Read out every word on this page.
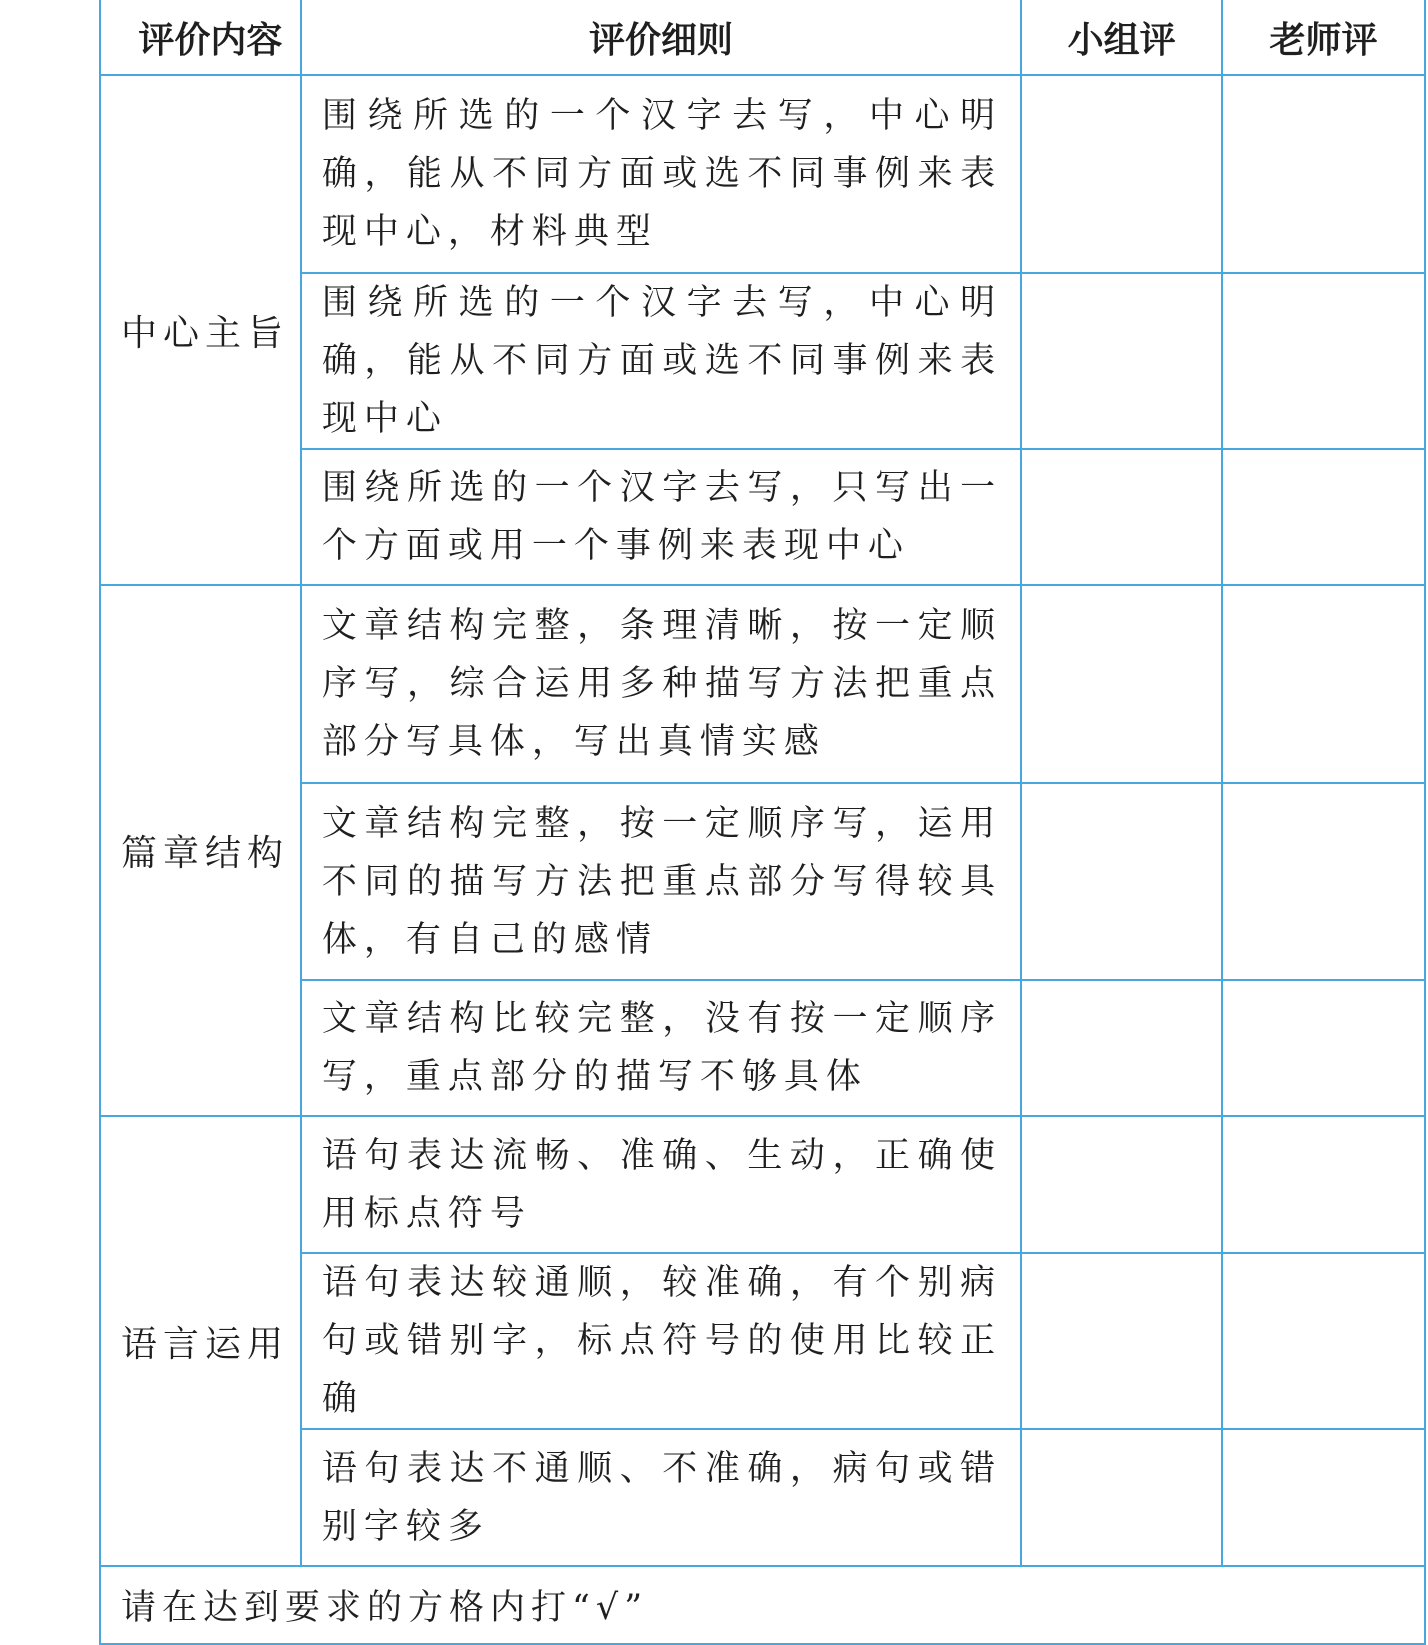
评价内容	评价细则	小组评	老师评
中心主旨	围绕所选的一个汉字去写，中心明确，能从不同方面或选不同事例来表现中心，材料典型		
	围绕所选的一个汉字去写，中心明确，能从不同方面或选不同事例来表现中心		
	围绕所选的一个汉字去写，只写出一个方面或用一个事例来表现中心		
篇章结构	文章结构完整，条理清晰，按一定顺序写，综合运用多种描写方法把重点部分写具体，写出真情实感		
	文章结构完整，按一定顺序写，运用不同的描写方法把重点部分写得较具体，有自己的感情		
	文章结构比较完整，没有按一定顺序写，重点部分的描写不够具体		
语言运用	语句表达流畅、准确、生动，正确使用标点符号		
	语句表达较通顺，较准确，有个别病句或错别字，标点符号的使用比较正确		
	语句表达不通顺、不准确，病句或错别字较多		
请在达到要求的方格内打“√”			
